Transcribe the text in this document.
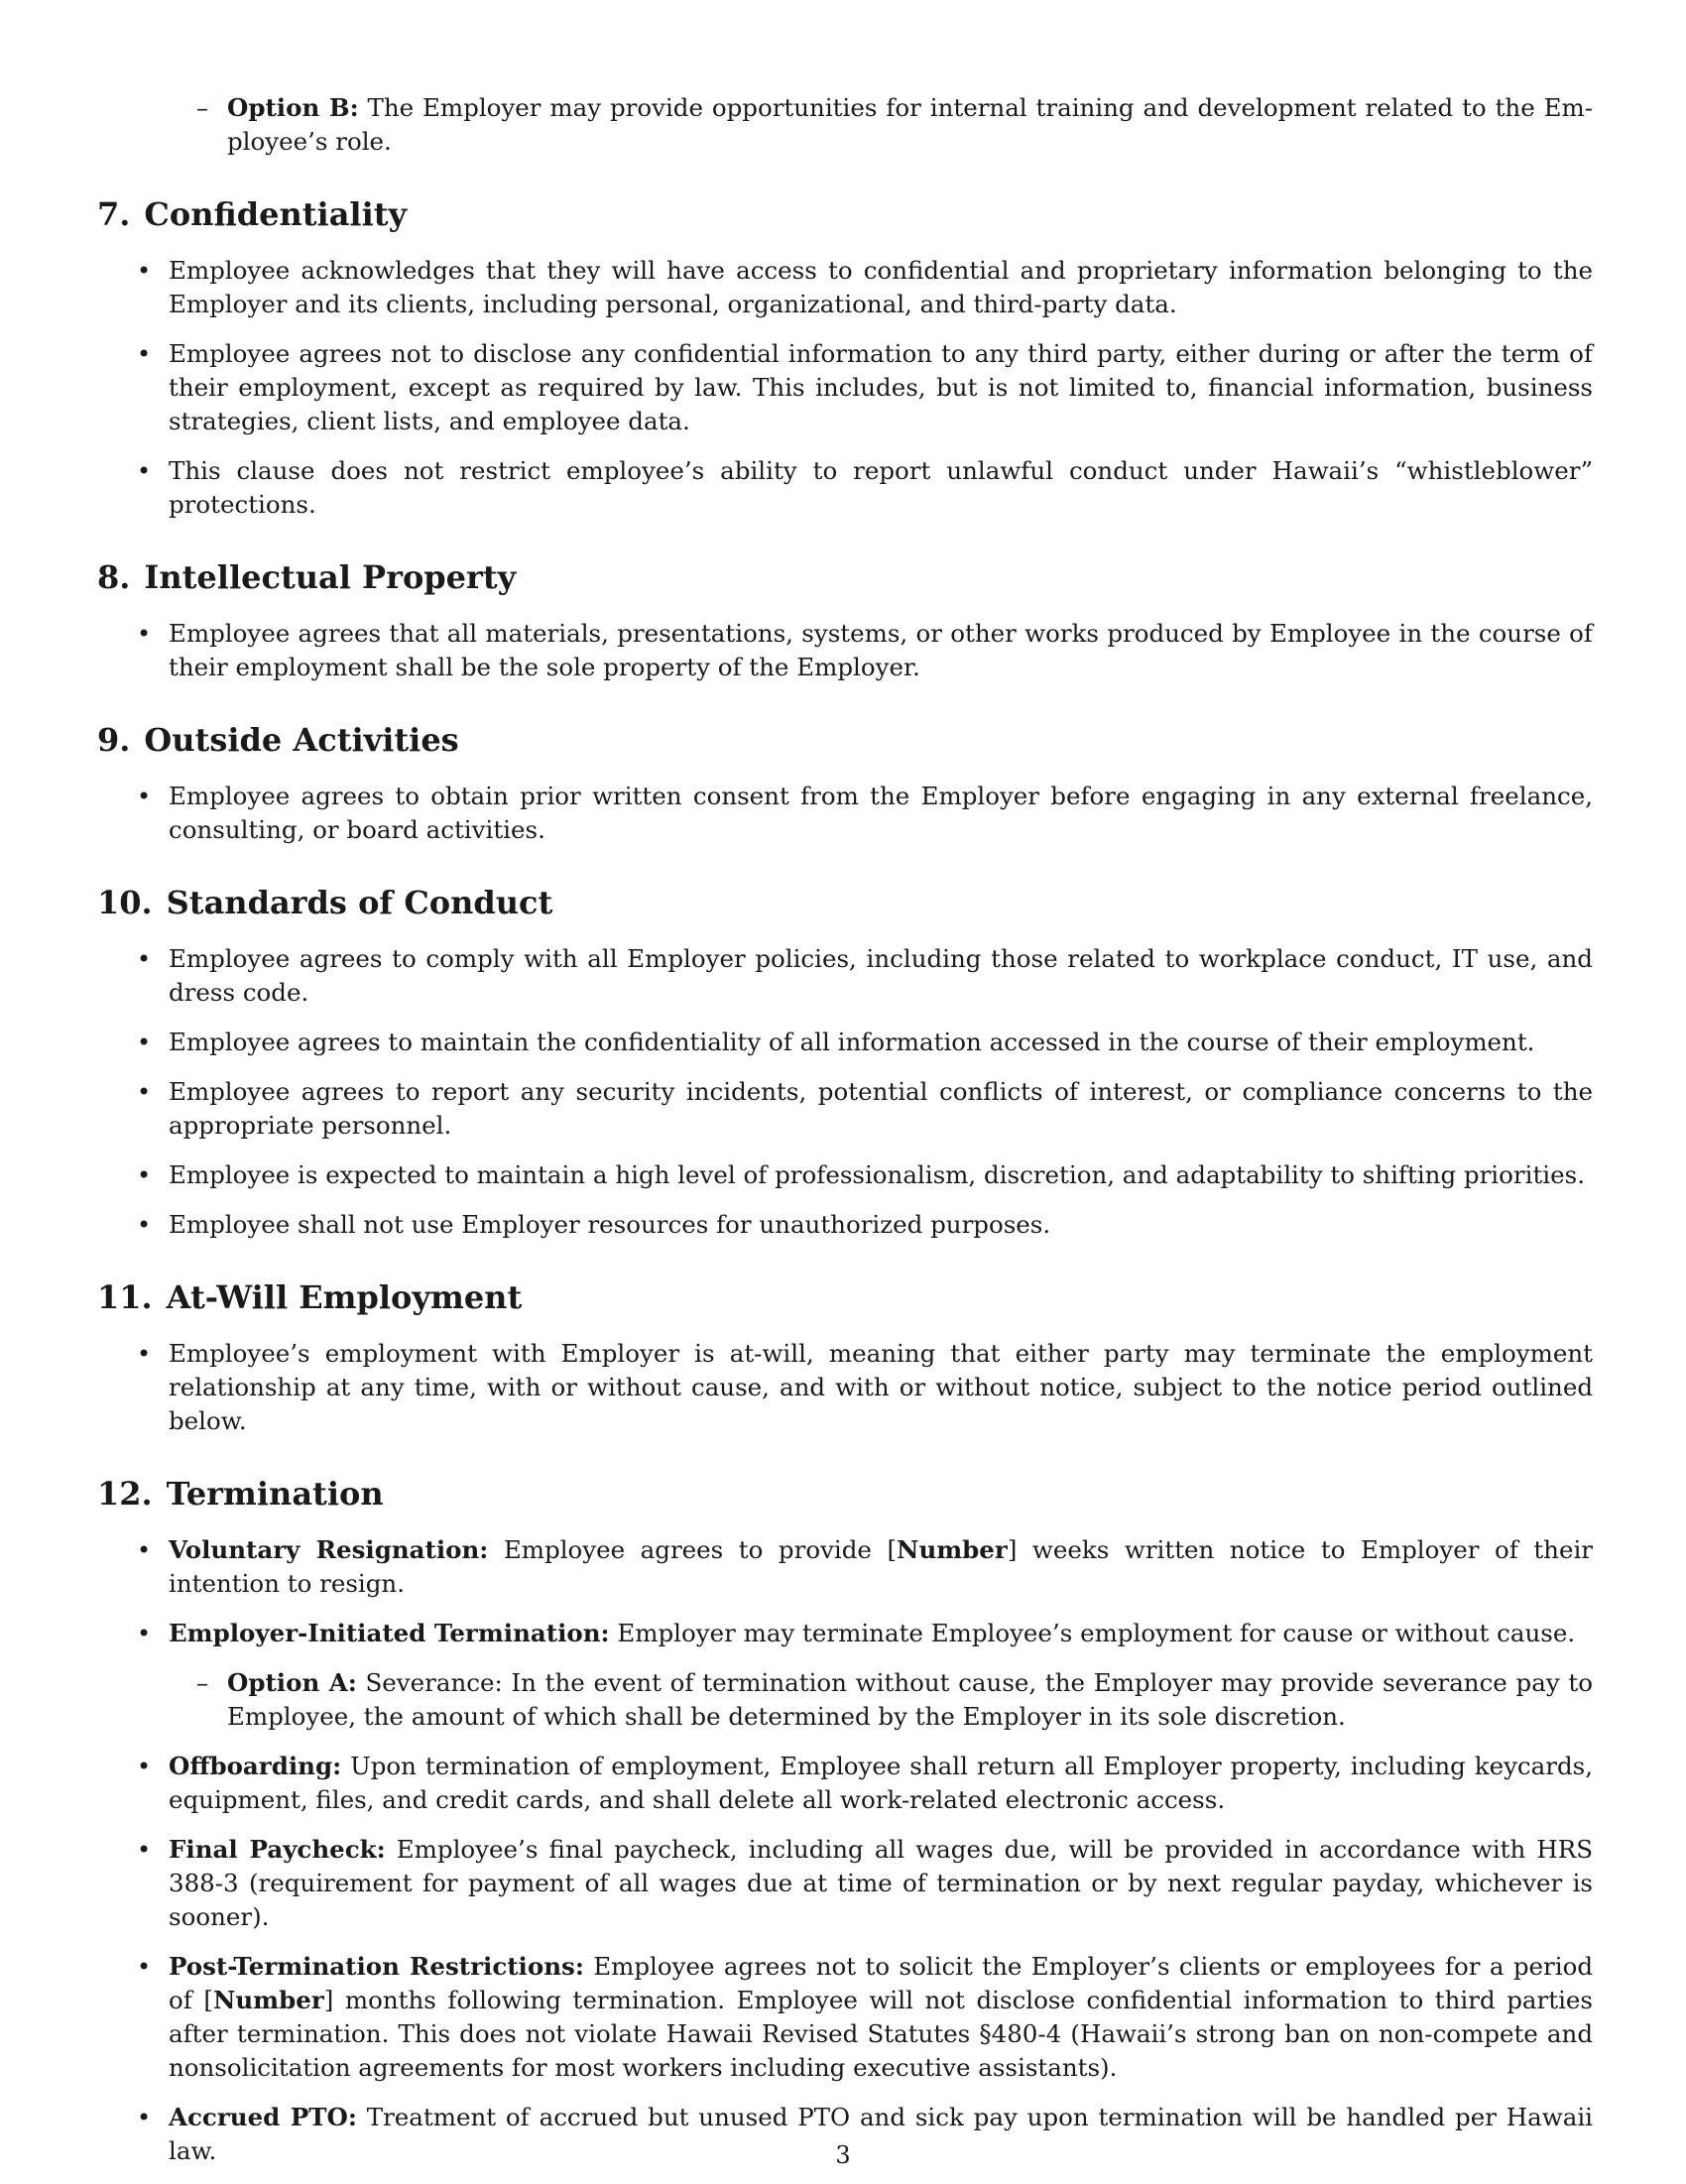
– Option B: The Employer may provide opportunities for internal training and development related to the Employee’s role.
7. Confidentiality
• Employee acknowledges that they will have access to confidential and proprietary information belonging to the Employer and its clients, including personal, organizational, and third-party data.
• Employee agrees not to disclose any confidential information to any third party, either during or after the term of their employment, except as required by law. This includes, but is not limited to, financial information, business strategies, client lists, and employee data.
• This clause does not restrict employee’s ability to report unlawful conduct under Hawaii’s “whistleblower” protections.
8. Intellectual Property
• Employee agrees that all materials, presentations, systems, or other works produced by Employee in the course of their employment shall be the sole property of the Employer.
9. Outside Activities
• Employee agrees to obtain prior written consent from the Employer before engaging in any external freelance, consulting, or board activities.
10. Standards of Conduct
• Employee agrees to comply with all Employer policies, including those related to workplace conduct, IT use, and dress code.
• Employee agrees to maintain the confidentiality of all information accessed in the course of their employment.
• Employee agrees to report any security incidents, potential conflicts of interest, or compliance concerns to the appropriate personnel.
• Employee is expected to maintain a high level of professionalism, discretion, and adaptability to shifting priorities.
• Employee shall not use Employer resources for unauthorized purposes.
11. At-Will Employment
• Employee’s employment with Employer is at-will, meaning that either party may terminate the employment relationship at any time, with or without cause, and with or without notice, subject to the notice period outlined below.
12. Termination
• Voluntary Resignation: Employee agrees to provide [Number] weeks written notice to Employer of their intention to resign.
• Employer-Initiated Termination: Employer may terminate Employee’s employment for cause or without cause.
– Option A: Severance: In the event of termination without cause, the Employer may provide severance pay to Employee, the amount of which shall be determined by the Employer in its sole discretion.
• Offboarding: Upon termination of employment, Employee shall return all Employer property, including keycards, equipment, files, and credit cards, and shall delete all work-related electronic access.
• Final Paycheck: Employee’s final paycheck, including all wages due, will be provided in accordance with HRS 388-3 (requirement for payment of all wages due at time of termination or by next regular payday, whichever is sooner).
• Post-Termination Restrictions: Employee agrees not to solicit the Employer’s clients or employees for a period of [Number] months following termination. Employee will not disclose confidential information to third parties after termination. This does not violate Hawaii Revised Statutes §480-4 (Hawaii’s strong ban on non-compete and nonsolicitation agreements for most workers including executive assistants).
• Accrued PTO: Treatment of accrued but unused PTO and sick pay upon termination will be handled per Hawaii law.	3
